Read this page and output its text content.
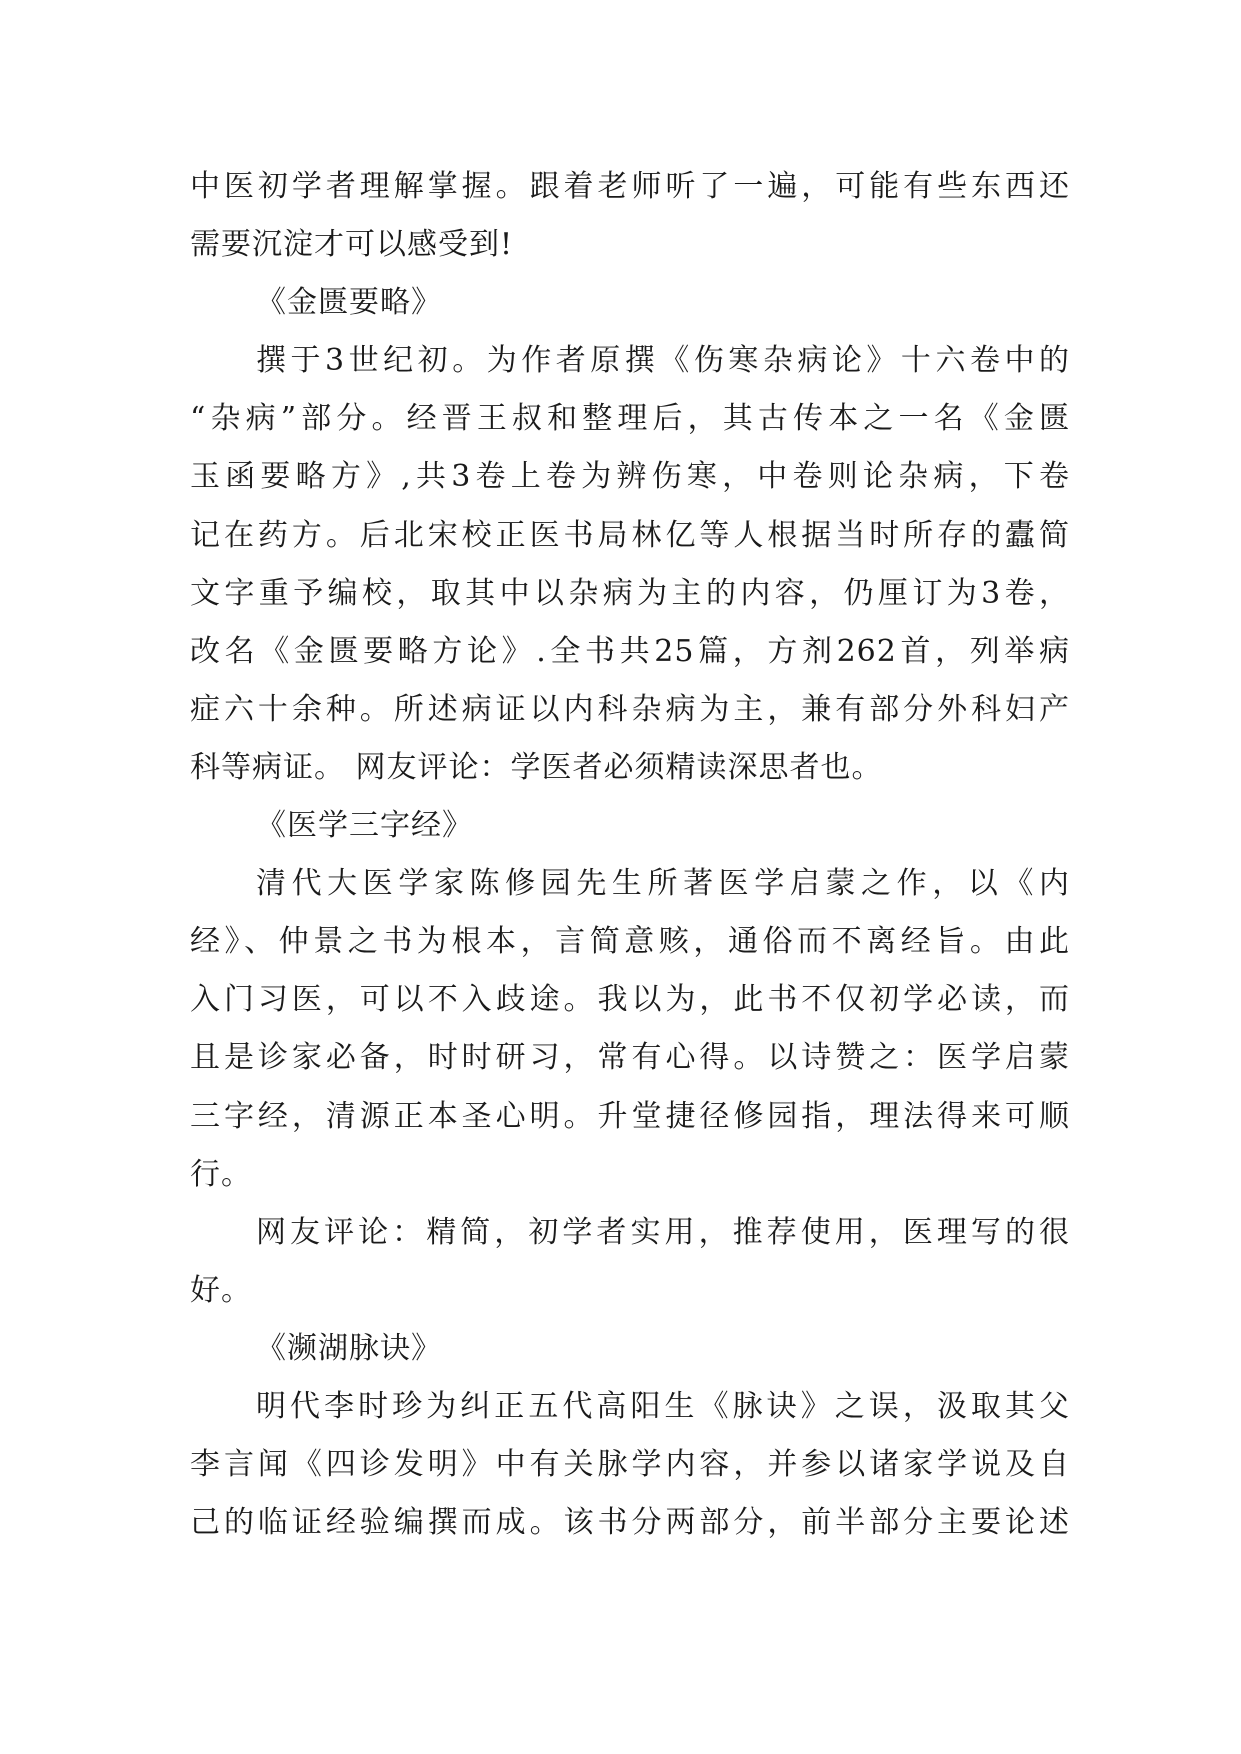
中医初学者理解掌握。跟着老师听了一遍，可能有些东西还
需要沉淀才可以感受到!
《金匮要略》
撰于3世纪初。为作者原撰《伤寒杂病论》十六卷中的
“杂病”部分。经晋王叔和整理后，其古传本之一名《金匮
玉函要略方》,共3卷上卷为辨伤寒，中卷则论杂病，下卷
记在药方。后北宋校正医书局林亿等人根据当时所存的蠹简
文字重予编校，取其中以杂病为主的内容，仍厘订为3卷，
改名《金匮要略方论》.全书共25篇，方剂262首，列举病
症六十余种。所述病证以内科杂病为主，兼有部分外科妇产
科等病证。 网友评论：学医者必须精读深思者也。
《医学三字经》
清代大医学家陈修园先生所著医学启蒙之作，以《内
经》、仲景之书为根本，言简意赅，通俗而不离经旨。由此
入门习医，可以不入歧途。我以为，此书不仅初学必读，而
且是诊家必备，时时研习，常有心得。以诗赞之：医学启蒙
三字经，清源正本圣心明。升堂捷径修园指，理法得来可顺
行。
网友评论：精简，初学者实用，推荐使用，医理写的很
好。
《濒湖脉诀》
明代李时珍为纠正五代高阳生《脉诀》之误，汲取其父
李言闻《四诊发明》中有关脉学内容，并参以诸家学说及自
己的临证经验编撰而成。该书分两部分，前半部分主要论述
